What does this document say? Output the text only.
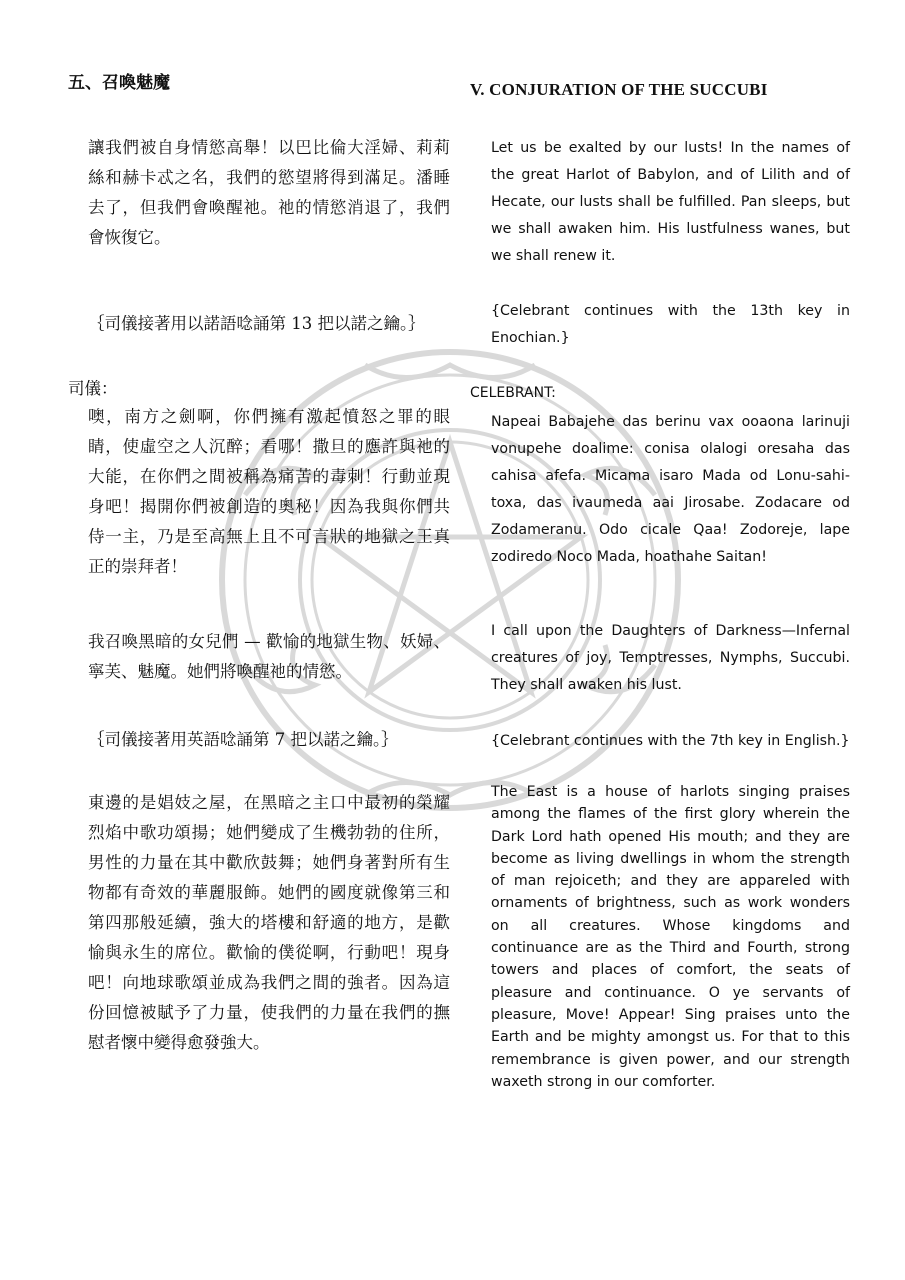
五、召喚魅魔

讓我們被自身情慾高舉！以巴比倫大淫婦、莉莉絲和赫卡忒之名，我們的慾望將得到滿足。潘睡去了，但我們會喚醒祂。祂的情慾消退了，我們會恢復它。

｛司儀接著用以諾語唸誦第 13 把以諾之鑰。｝

司儀：

噢，南方之劍啊，你們擁有激起憤怒之罪的眼睛，使虛空之人沉醉；看哪！撒旦的應許與祂的大能，在你們之間被稱為痛苦的毒刺！行動並現身吧！揭開你們被創造的奧秘！因為我與你們共侍一主，乃是至高無上且不可言狀的地獄之王真正的崇拜者！

我召喚黑暗的女兒們 — 歡愉的地獄生物、妖婦、寧芙、魅魔。她們將喚醒祂的情慾。

｛司儀接著用英語唸誦第 7 把以諾之鑰。｝

東邊的是娼妓之屋，在黑暗之主口中最初的榮耀烈焰中歌功頌揚；她們變成了生機勃勃的住所，男性的力量在其中歡欣鼓舞；她們身著對所有生物都有奇效的華麗服飾。她們的國度就像第三和第四那般延續，強大的塔樓和舒適的地方，是歡愉與永生的席位。歡愉的僕從啊，行動吧！現身吧！向地球歌頌並成為我們之間的強者。因為這份回憶被賦予了力量，使我們的力量在我們的撫慰者懷中變得愈發強大。

V. CONJURATION OF THE SUCCUBI

Let us be exalted by our lusts! In the names of the great Harlot of Babylon, and of Lilith and of Hecate, our lusts shall be fulfilled. Pan sleeps, but we shall awaken him. His lustfulness wanes, but we shall renew it.

{Celebrant continues with the 13th key in Enochian.}

CELEBRANT:

Napeai Babajehe das berinu vax ooaona larinuji vonupehe doalime: conisa olalogi oresaha das cahisa afefa. Micama isaro Mada od Lonu-sahi-toxa, das ivaumeda aai Jirosabe. Zodacare od Zodameranu. Odo cicale Qaa! Zodoreje, lape zodiredo Noco Mada, hoathahe Saitan!

I call upon the Daughters of Darkness—Infernal creatures of joy, Temptresses, Nymphs, Succubi. They shall awaken his lust.

{Celebrant continues with the 7th key in English.}

The East is a house of harlots singing praises among the flames of the first glory wherein the Dark Lord hath opened His mouth; and they are become as living dwellings in whom the strength of man rejoiceth; and they are appareled with ornaments of brightness, such as work wonders on all creatures. Whose kingdoms and continuance are as the Third and Fourth, strong towers and places of comfort, the seats of pleasure and continuance. O ye servants of pleasure, Move! Appear! Sing praises unto the Earth and be mighty amongst us. For that to this remembrance is given power, and our strength waxeth strong in our comforter.
